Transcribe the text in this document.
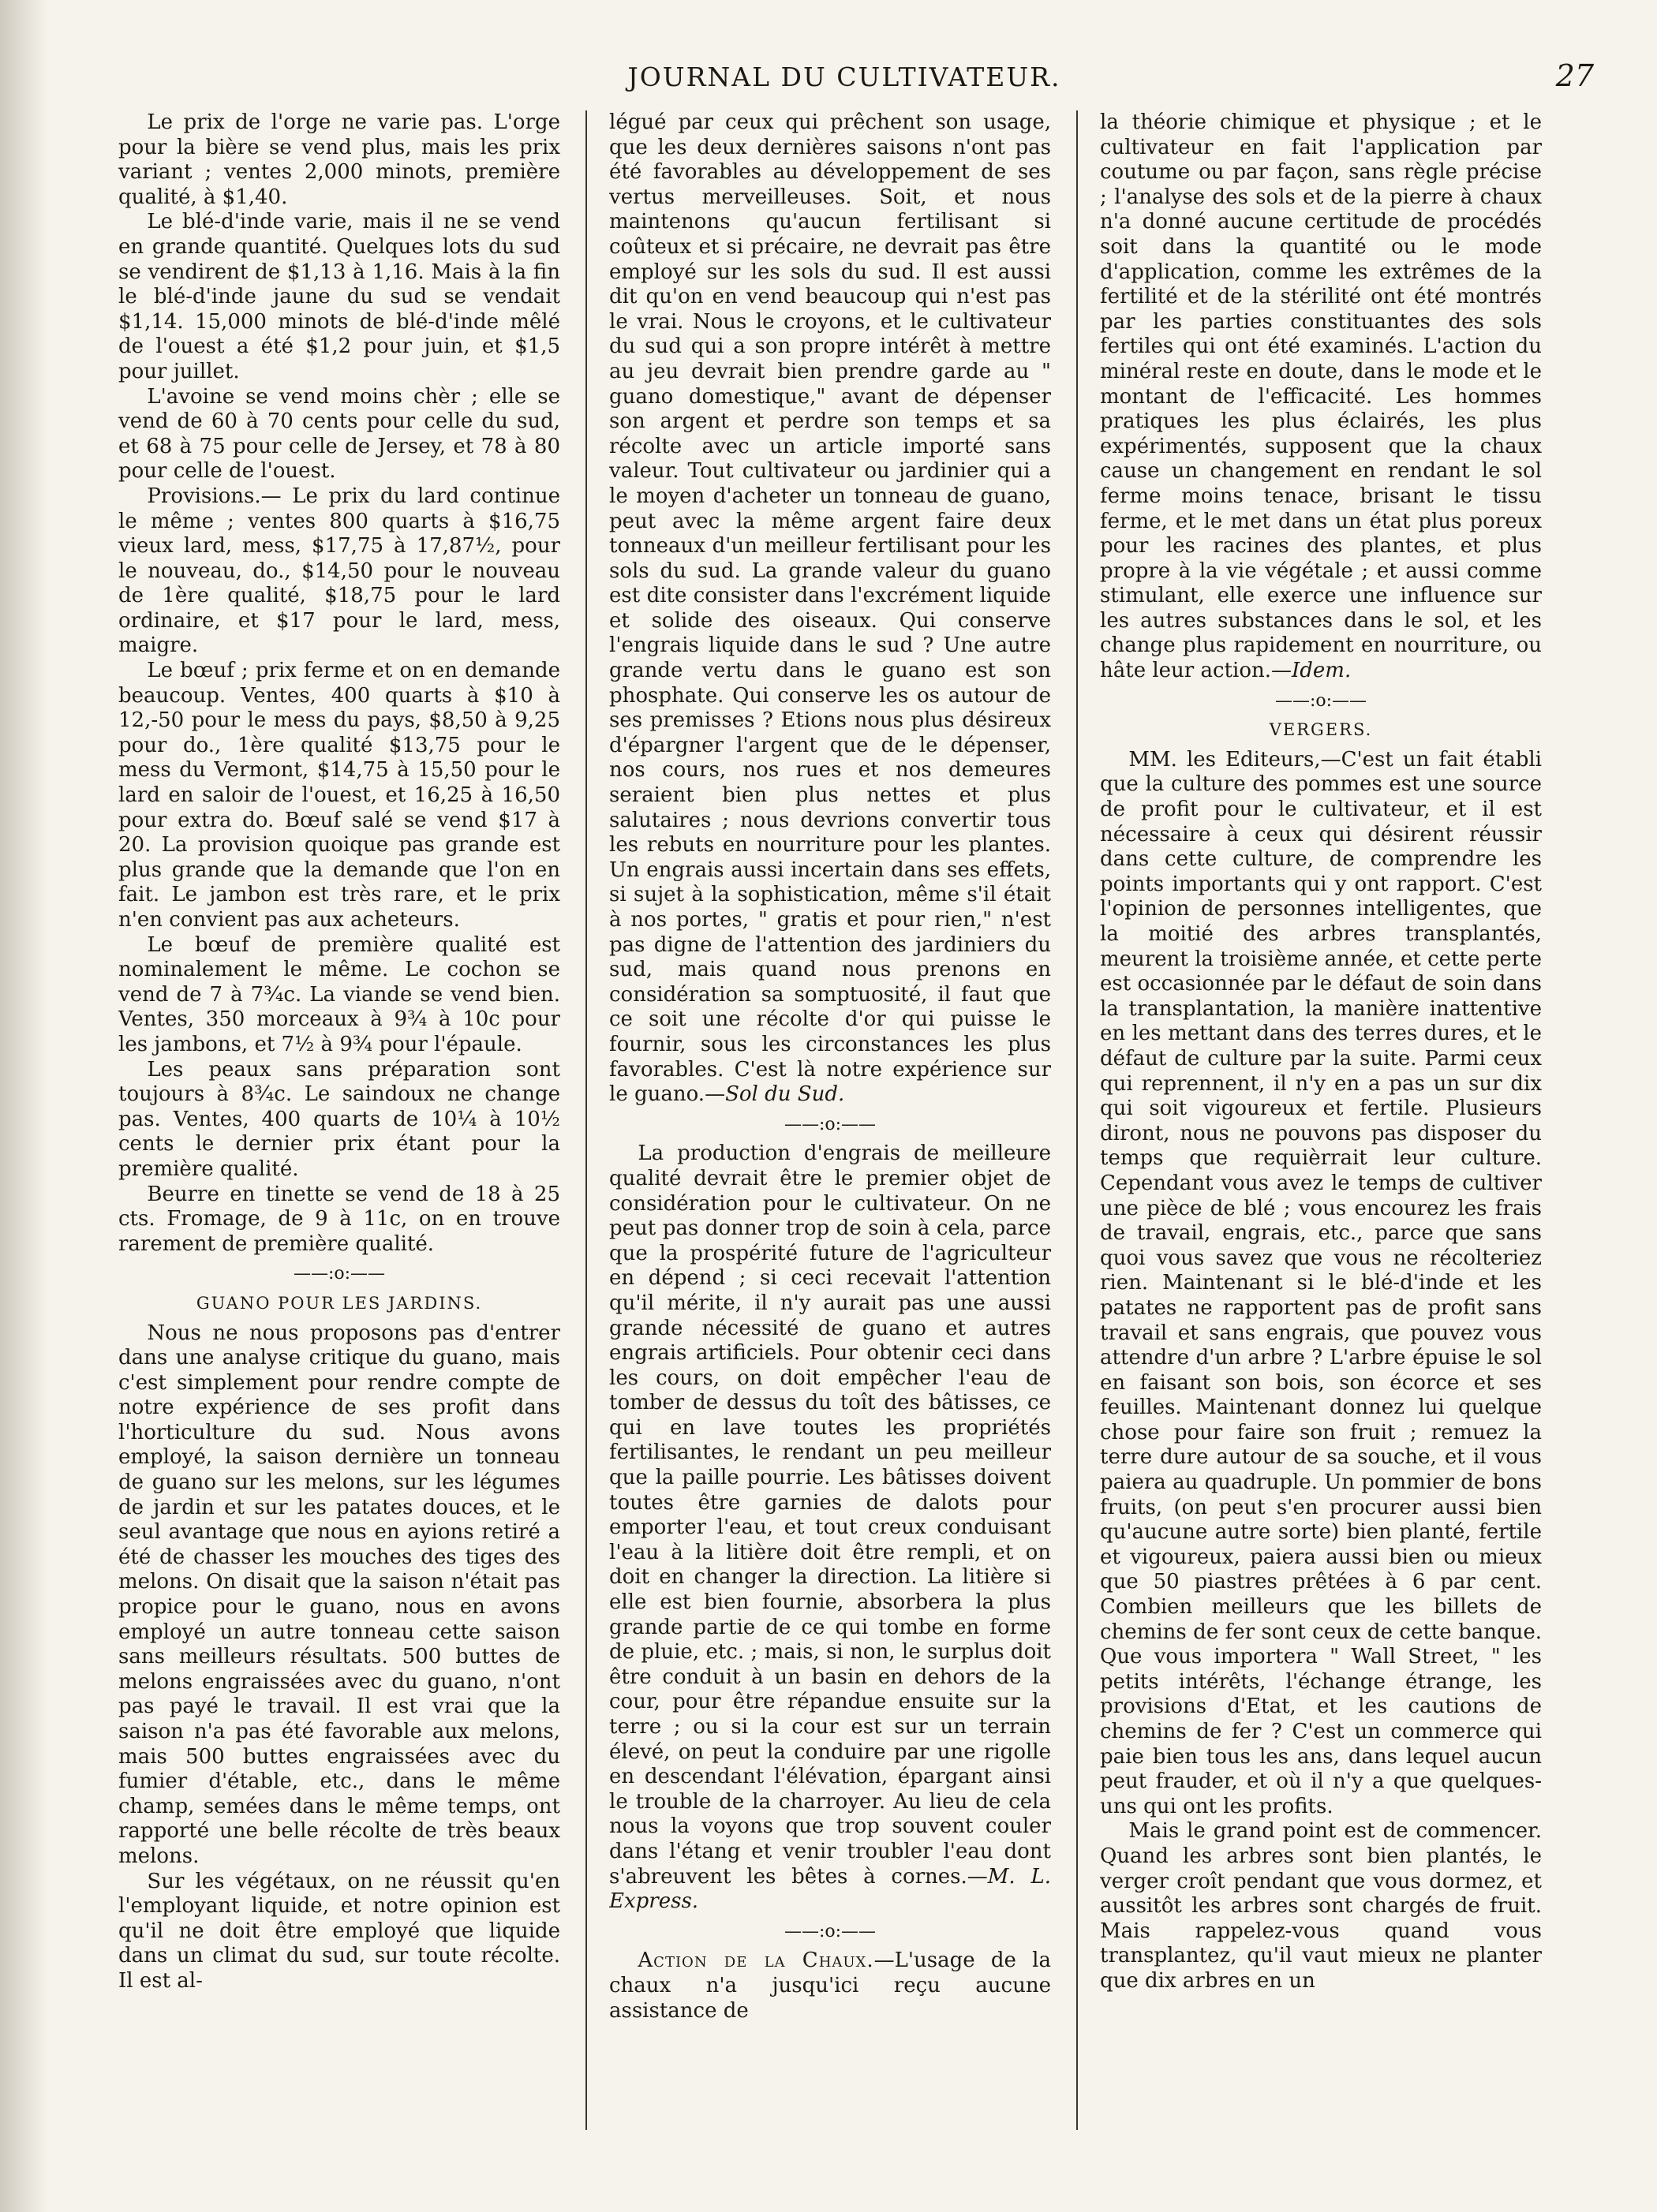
JOURNAL DU CULTIVATEUR.	27

Le prix de l'orge ne varie pas. L'orge pour la bière se vend plus, mais les prix variant ; ventes 2,000 minots, première qualité, à $1,40.

Le blé-d'inde varie, mais il ne se vend en grande quantité. Quelques lots du sud se vendirent de $1,13 à 1,16. Mais à la fin le blé-d'inde jaune du sud se vendait $1,14. 15,000 minots de blé-d'inde mêlé de l'ouest a été $1,2 pour juin, et $1,5 pour juillet.

L'avoine se vend moins chèr ; elle se vend de 60 à 70 cents pour celle du sud, et 68 à 75 pour celle de Jersey, et 78 à 80 pour celle de l'ouest.

Provisions.— Le prix du lard continue le même ; ventes 800 quarts à $16,75 vieux lard, mess, $17,75 à 17,87½, pour le nouveau, do., $14,50 pour le nouveau de 1ère qualité, $18,75 pour le lard ordinaire, et $17 pour le lard, mess, maigre.

Le bœuf ; prix ferme et on en demande beaucoup. Ventes, 400 quarts à $10 à 12,-50 pour le mess du pays, $8,50 à 9,25 pour do., 1ère qualité $13,75 pour le mess du Vermont, $14,75 à 15,50 pour le lard en saloir de l'ouest, et 16,25 à 16,50 pour extra do. Bœuf salé se vend $17 à 20. La provision quoique pas grande est plus grande que la demande que l'on en fait. Le jambon est très rare, et le prix n'en convient pas aux acheteurs.

Le bœuf de première qualité est nominalement le même. Le cochon se vend de 7 à 7¾c. La viande se vend bien. Ventes, 350 morceaux à 9¾ à 10c pour les jambons, et 7½ à 9¾ pour l'épaule.

Les peaux sans préparation sont toujours à 8¾c. Le saindoux ne change pas. Ventes, 400 quarts de 10¼ à 10½ cents le dernier prix étant pour la première qualité.

Beurre en tinette se vend de 18 à 25 cts. Fromage, de 9 à 11c, on en trouve rarement de première qualité.

——:o:——
GUANO POUR LES JARDINS.

Nous ne nous proposons pas d'entrer dans une analyse critique du guano, mais c'est simplement pour rendre compte de notre expérience de ses profit dans l'horticulture du sud. Nous avons employé, la saison dernière un tonneau de guano sur les melons, sur les légumes de jardin et sur les patates douces, et le seul avantage que nous en ayions retiré a été de chasser les mouches des tiges des melons. On disait que la saison n'était pas propice pour le guano, nous en avons employé un autre tonneau cette saison sans meilleurs résultats. 500 buttes de melons engraissées avec du guano, n'ont pas payé le travail. Il est vrai que la saison n'a pas été favorable aux melons, mais 500 buttes engraissées avec du fumier d'étable, etc., dans le même champ, semées dans le même temps, ont rapporté une belle récolte de très beaux melons.

Sur les végétaux, on ne réussit qu'en l'employant liquide, et notre opinion est qu'il ne doit être employé que liquide dans un climat du sud, sur toute récolte. Il est al-

légué par ceux qui prêchent son usage, que les deux dernières saisons n'ont pas été favorables au développement de ses vertus merveilleuses. Soit, et nous maintenons qu'aucun fertilisant si coûteux et si précaire, ne devrait pas être employé sur les sols du sud. Il est aussi dit qu'on en vend beaucoup qui n'est pas le vrai. Nous le croyons, et le cultivateur du sud qui a son propre intérêt à mettre au jeu devrait bien prendre garde au " guano domestique," avant de dépenser son argent et perdre son temps et sa récolte avec un article importé sans valeur. Tout cultivateur ou jardinier qui a le moyen d'acheter un tonneau de guano, peut avec la même argent faire deux tonneaux d'un meilleur fertilisant pour les sols du sud. La grande valeur du guano est dite consister dans l'excrément liquide et solide des oiseaux. Qui conserve l'engrais liquide dans le sud ? Une autre grande vertu dans le guano est son phosphate. Qui conserve les os autour de ses premisses ? Etions nous plus désireux d'épargner l'argent que de le dépenser, nos cours, nos rues et nos demeures seraient bien plus nettes et plus salutaires ; nous devrions convertir tous les rebuts en nourriture pour les plantes. Un engrais aussi incertain dans ses effets, si sujet à la sophistication, même s'il était à nos portes, " gratis et pour rien," n'est pas digne de l'attention des jardiniers du sud, mais quand nous prenons en considération sa somptuosité, il faut que ce soit une récolte d'or qui puisse le fournir, sous les circonstances les plus favorables. C'est là notre expérience sur le guano.—Sol du Sud.

——:o:——

La production d'engrais de meilleure qualité devrait être le premier objet de considération pour le cultivateur. On ne peut pas donner trop de soin à cela, parce que la prospérité future de l'agriculteur en dépend ; si ceci recevait l'attention qu'il mérite, il n'y aurait pas une aussi grande nécessité de guano et autres engrais artificiels. Pour obtenir ceci dans les cours, on doit empêcher l'eau de tomber de dessus du toît des bâtisses, ce qui en lave toutes les propriétés fertilisantes, le rendant un peu meilleur que la paille pourrie. Les bâtisses doivent toutes être garnies de dalots pour emporter l'eau, et tout creux conduisant l'eau à la litière doit être rempli, et on doit en changer la direction. La litière si elle est bien fournie, absorbera la plus grande partie de ce qui tombe en forme de pluie, etc. ; mais, si non, le surplus doit être conduit à un basin en dehors de la cour, pour être répandue ensuite sur la terre ; ou si la cour est sur un terrain élevé, on peut la conduire par une rigolle en descendant l'élévation, épargant ainsi le trouble de la charroyer. Au lieu de cela nous la voyons que trop souvent couler dans l'étang et venir troubler l'eau dont s'abreuvent les bêtes à cornes.—M. L. Express.

——:o:——

Action de la Chaux.—L'usage de la chaux n'a jusqu'ici reçu aucune assistance de

la théorie chimique et physique ; et le cultivateur en fait l'application par coutume ou par façon, sans règle précise ; l'analyse des sols et de la pierre à chaux n'a donné aucune certitude de procédés soit dans la quantité ou le mode d'application, comme les extrêmes de la fertilité et de la stérilité ont été montrés par les parties constituantes des sols fertiles qui ont été examinés. L'action du minéral reste en doute, dans le mode et le montant de l'efficacité. Les hommes pratiques les plus éclairés, les plus expérimentés, supposent que la chaux cause un changement en rendant le sol ferme moins tenace, brisant le tissu ferme, et le met dans un état plus poreux pour les racines des plantes, et plus propre à la vie végétale ; et aussi comme stimulant, elle exerce une influence sur les autres substances dans le sol, et les change plus rapidement en nourriture, ou hâte leur action.—Idem.

——:o:——
VERGERS.

MM. les Editeurs,—C'est un fait établi que la culture des pommes est une source de profit pour le cultivateur, et il est nécessaire à ceux qui désirent réussir dans cette culture, de comprendre les points importants qui y ont rapport. C'est l'opinion de personnes intelligentes, que la moitié des arbres transplantés, meurent la troisième année, et cette perte est occasionnée par le défaut de soin dans la transplantation, la manière inattentive en les mettant dans des terres dures, et le défaut de culture par la suite. Parmi ceux qui reprennent, il n'y en a pas un sur dix qui soit vigoureux et fertile. Plusieurs diront, nous ne pouvons pas disposer du temps que requièrrait leur culture. Cependant vous avez le temps de cultiver une pièce de blé ; vous encourez les frais de travail, engrais, etc., parce que sans quoi vous savez que vous ne récolteriez rien. Maintenant si le blé-d'inde et les patates ne rapportent pas de profit sans travail et sans engrais, que pouvez vous attendre d'un arbre ? L'arbre épuise le sol en faisant son bois, son écorce et ses feuilles. Maintenant donnez lui quelque chose pour faire son fruit ; remuez la terre dure autour de sa souche, et il vous paiera au quadruple. Un pommier de bons fruits, (on peut s'en procurer aussi bien qu'aucune autre sorte) bien planté, fertile et vigoureux, paiera aussi bien ou mieux que 50 piastres prêtées à 6 par cent. Combien meilleurs que les billets de chemins de fer sont ceux de cette banque. Que vous importera " Wall Street, " les petits intérêts, l'échange étrange, les provisions d'Etat, et les cautions de chemins de fer ? C'est un commerce qui paie bien tous les ans, dans lequel aucun peut frauder, et où il n'y a que quelques-uns qui ont les profits.

Mais le grand point est de commencer. Quand les arbres sont bien plantés, le verger croît pendant que vous dormez, et aussitôt les arbres sont chargés de fruit. Mais rappelez-vous quand vous transplantez, qu'il vaut mieux ne planter que dix arbres en un
